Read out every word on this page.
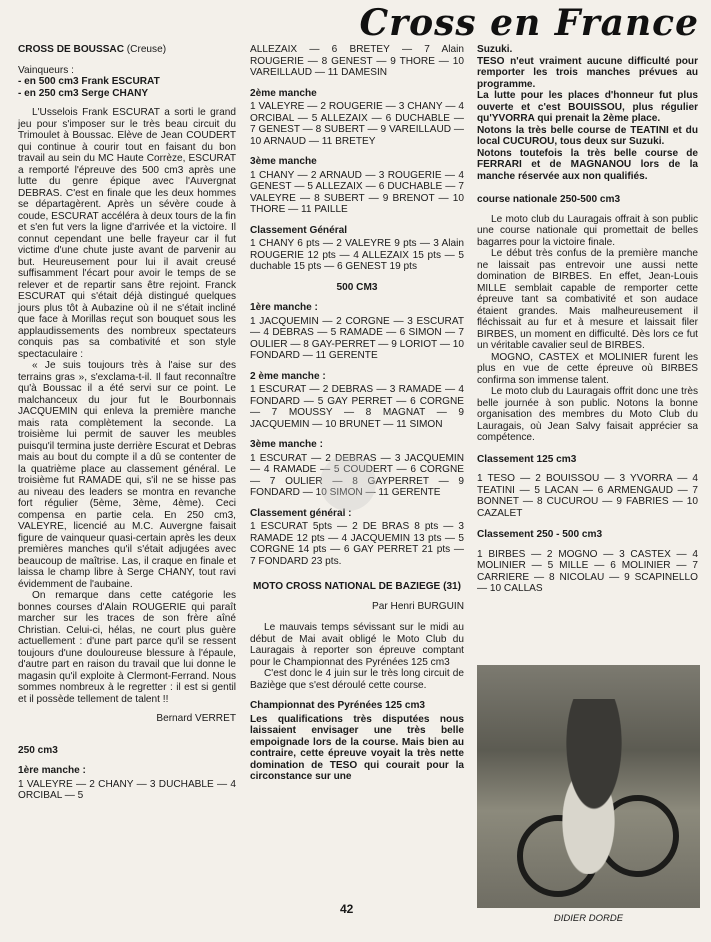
Cross en France

CROSS DE BOUSSAC (Creuse)

Vainqueurs :

- en 500 cm3 Frank ESCURAT

- en 250 cm3 Serge CHANY

L'Usselois Frank ESCURAT a sorti le grand jeu pour s'imposer sur le très beau circuit du Trimoulet à Boussac. Elève de Jean COUDERT qui continue à courir tout en faisant du bon travail au sein du MC Haute Corrèze, ESCURAT a remporté l'épreuve des 500 cm3 après une lutte du genre épique avec l'Auvergnat DEBRAS. C'est en finale que les deux hommes se départagèrent. Après un sévère coude à coude, ESCURAT accéléra à deux tours de la fin et s'en fut vers la ligne d'arrivée et la victoire. Il connut cependant une belle frayeur car il fut victime d'une chute juste avant de parvenir au but. Heureusement pour lui il avait creusé suffisamment l'écart pour avoir le temps de se relever et de repartir sans être rejoint. Franck ESCURAT qui s'était déjà distingué quelques jours plus tôt à Aubazine où il ne s'était incliné que face à Morillas reçut son bouquet sous les applaudissements des nombreux spectateurs conquis pas sa combativité et son style spectaculaire :

« Je suis toujours très à l'aise sur des terrains gras », s'exclama-t-il. Il faut reconnaître qu'à Boussac il a été servi sur ce point. Le malchanceux du jour fut le Bourbonnais JACQUEMIN qui enleva la première manche mais rata complètement la seconde. La troisième lui permit de sauver les meubles puisqu'il termina juste derrière Escurat et Debras mais au bout du compte il a dû se contenter de la quatrième place au classement général. Le troisième fut RAMADE qui, s'il ne se hisse pas au niveau des leaders se montra en revanche fort régulier (5ème, 3ème, 4ème). Ceci compensa en partie cela. En 250 cm3, VALEYRE, licencié au M.C. Auvergne faisait figure de vainqueur quasi-certain après les deux premières manches qu'il s'était adjugées avec beaucoup de maîtrise. Las, il craque en finale et laissa le champ libre à Serge CHANY, tout ravi évidemment de l'aubaine.

On remarque dans cette catégorie les bonnes courses d'Alain ROUGERIE qui paraît marcher sur les traces de son frère aîné Christian. Celui-ci, hélas, ne court plus guère actuellement : d'une part parce qu'il se ressent toujours d'une douloureuse blessure à l'épaule, d'autre part en raison du travail que lui donne le magasin qu'il exploite à Clermont-Ferrand. Nous sommes nombreux à le regretter : il est si gentil et il possède tellement de talent !!

Bernard VERRET

250 cm3

1ère manche :

1 VALEYRE — 2 CHANY — 3 DUCHABLE — 4 ORCIBAL — 5

ALLEZAIX — 6 BRETEY — 7 Alain ROUGERIE — 8 GENEST — 9 THORE — 10 VAREILLAUD — 11 DAMESIN

2ème manche

1 VALEYRE — 2 ROUGERIE — 3 CHANY — 4 ORCIBAL — 5 ALLEZAIX — 6 DUCHABLE — 7 GENEST — 8 SUBERT — 9 VAREILLAUD — 10 ARNAUD — 11 BRETEY

3ème manche

1 CHANY — 2 ARNAUD — 3 ROUGERIE — 4 GENEST — 5 ALLEZAIX — 6 DUCHABLE — 7 VALEYRE — 8 SUBERT — 9 BRENOT — 10 THORE — 11 PAILLE

Classement Général

1 CHANY 6 pts — 2 VALEYRE 9 pts — 3 Alain ROUGERIE 12 pts — 4 ALLEZAIX 15 pts — 5 duchable 15 pts — 6 GENEST 19 pts

500 CM3

1ère manche :

1 JACQUEMIN — 2 CORGNE — 3 ESCURAT — 4 DEBRAS — 5 RAMADE — 6 SIMON — 7 OULIER — 8 GAY-PERRET — 9 LORIOT — 10 FONDARD — 11 GERENTE

2 ème manche :

1 ESCURAT — 2 DEBRAS — 3 RAMADE — 4 FONDARD — 5 GAY PERRET — 6 CORGNE — 7 MOUSSY — 8 MAGNAT — 9 JACQUEMIN — 10 BRUNET — 11 SIMON

3ème manche :

1 ESCURAT — 2 DEBRAS — 3 JACQUEMIN — 4 RAMADE — 5 COUDERT — 6 CORGNE — 7 OULIER — 8 GAYPERRET — 9 FONDARD — 10 SIMON — 11 GERENTE

Classement général :

1 ESCURAT 5pts — 2 DE BRAS 8 pts — 3 RAMADE 12 pts — 4 JACQUEMIN 13 pts — 5 CORGNE 14 pts — 6 GAY PERRET 21 pts — 7 FONDARD 23 pts.

MOTO CROSS NATIONAL DE BAZIEGE (31)

Par Henri BURGUIN

Le mauvais temps sévissant sur le midi au début de Mai avait obligé le Moto Club du Lauragais à reporter son épreuve comptant pour le Championnat des Pyrénées 125 cm3

C'est donc le 4 juin sur le très long circuit de Baziège que s'est déroulé cette course.

Championnat des Pyrénées 125 cm3

Les qualifications très disputées nous laissaient envisager une très belle empoignade lors de la course. Mais bien au contraire, cette épreuve voyait la très nette domination de TESO qui courait pour la circonstance sur une

Suzuki.

TESO n'eut vraiment aucune difficulté pour remporter les trois manches prévues au programme.

La lutte pour les places d'honneur fut plus ouverte et c'est BOUISSOU, plus régulier qu'YVORRA qui prenait la 2ème place.

Notons la très belle course de TEATINI et du local CUCUROU, tous deux sur Suzuki.

Notons toutefois la très belle course de FERRARI et de MAGNANOU lors de la manche réservée aux non qualifiés.

course nationale 250-500 cm3

Le moto club du Lauragais offrait à son public une course nationale qui promettait de belles bagarres pour la victoire finale.

Le début très confus de la première manche ne laissait pas entrevoir une aussi nette domination de BIRBES. En effet, Jean-Louis MILLE semblait capable de remporter cette épreuve tant sa combativité et son audace étaient grandes. Mais malheureusement il fléchissait au fur et à mesure et laissait filer BIRBES, un moment en difficulté. Dès lors ce fut un véritable cavalier seul de BIRBES.

MOGNO, CASTEX et MOLINIER furent les plus en vue de cette épreuve où BIRBES confirma son immense talent.

Le moto club du Lauragais offrit donc une très belle journée à son public. Notons la bonne organisation des membres du Moto Club du Lauragais, où Jean Salvy faisait apprécier sa compétence.

Classement 125 cm3

1 TESO — 2 BOUISSOU — 3 YVORRA — 4 TEATINI — 5 LACAN — 6 ARMENGAUD — 7 BONNET — 8 CUCUROU — 9 FABRIES — 10 CAZALET

Classement 250 - 500 cm3

1 BIRBES — 2 MOGNO — 3 CASTEX — 4 MOLINIER — 5 MILLE — 6 MOLINIER — 7 CARRIERE — 8 NICOLAU — 9 SCAPINELLO — 10 CALLAS

DIDIER DORDE
42
